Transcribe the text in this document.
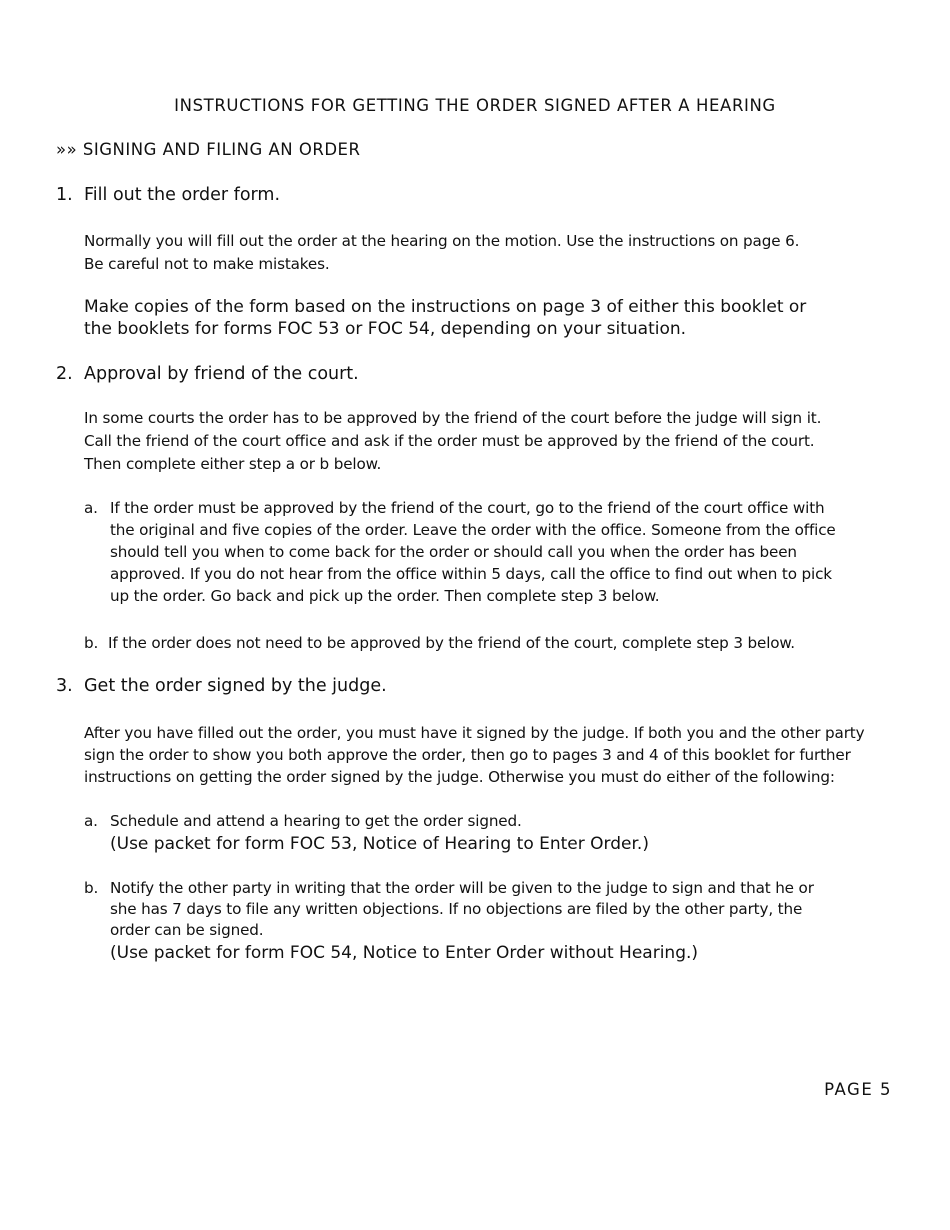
INSTRUCTIONS FOR GETTING THE ORDER SIGNED AFTER A HEARING
»» SIGNING AND FILING AN ORDER
1. Fill out the order form.
Normally you will fill out the order at the hearing on the motion. Use the instructions on page 6.
Be careful not to make mistakes.
Make copies of the form based on the instructions on page 3 of either this booklet or
the booklets for forms FOC 53 or FOC 54, depending on your situation.
2. Approval by friend of the court.
In some courts the order has to be approved by the friend of the court before the judge will sign it.
Call the friend of the court office and ask if the order must be approved by the friend of the court.
Then complete either step a or b below.
a. If the order must be approved by the friend of the court, go to the friend of the court office with
the original and five copies of the order. Leave the order with the office. Someone from the office
should tell you when to come back for the order or should call you when the order has been
approved. If you do not hear from the office within 5 days, call the office to find out when to pick
up the order. Go back and pick up the order. Then complete step 3 below.
b. If the order does not need to be approved by the friend of the court, complete step 3 below.
3. Get the order signed by the judge.
After you have filled out the order, you must have it signed by the judge. If both you and the other party
sign the order to show you both approve the order, then go to pages 3 and 4 of this booklet for further
instructions on getting the order signed by the judge. Otherwise you must do either of the following:
a. Schedule and attend a hearing to get the order signed.
(Use packet for form FOC 53, Notice of Hearing to Enter Order.)
b. Notify the other party in writing that the order will be given to the judge to sign and that he or
she has 7 days to file any written objections. If no objections are filed by the other party, the
order can be signed.
(Use packet for form FOC 54, Notice to Enter Order without Hearing.)
PAGE 5
